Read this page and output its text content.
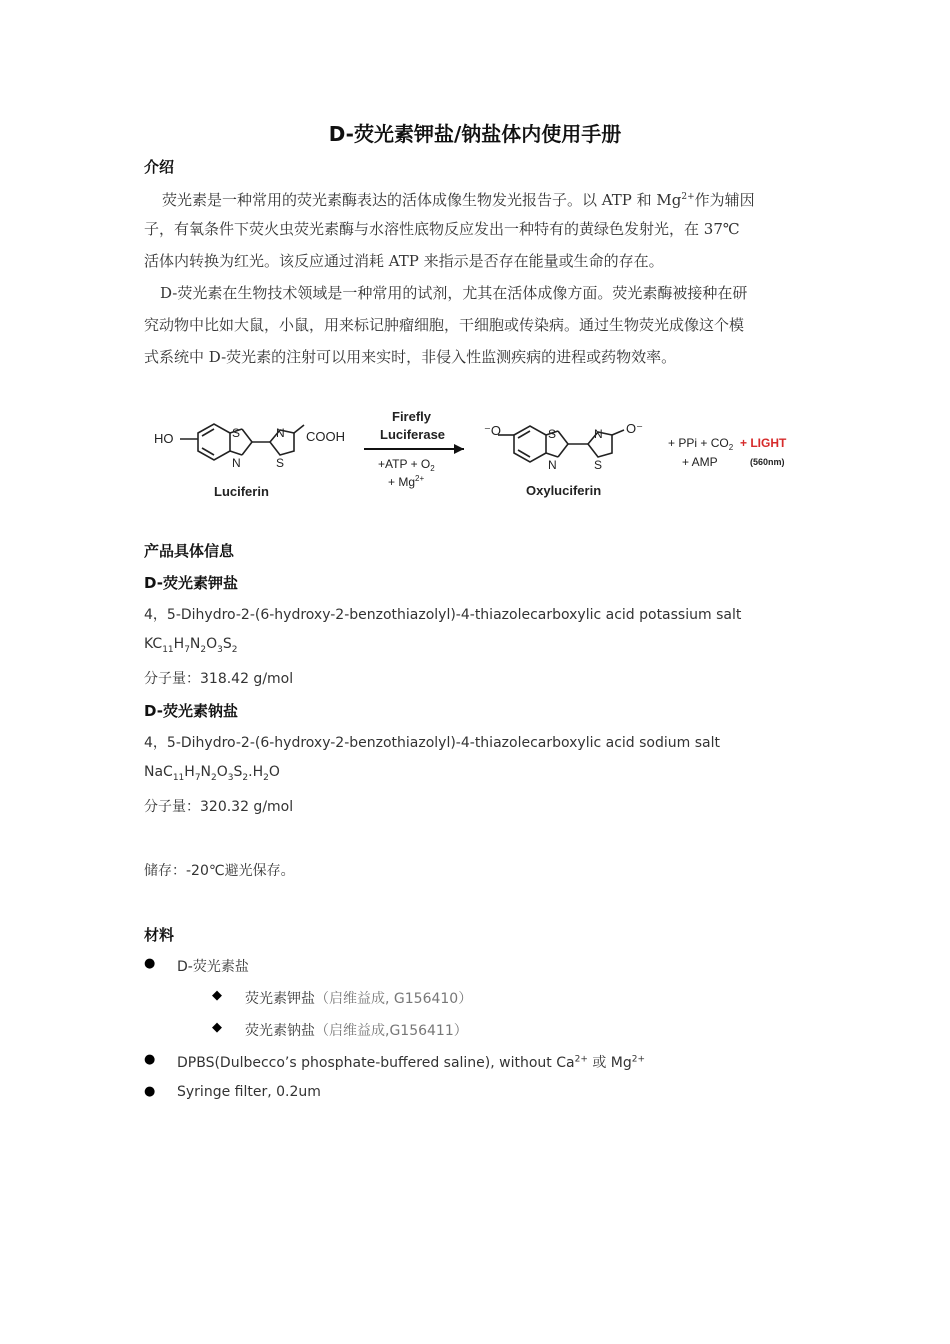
D-荧光素钾盐/钠盐体内使用手册
介绍
荧光素是一种常用的荧光素酶表达的活体成像生物发光报告子。以 ATP 和 $Mg^{2+}$作为辅因
子，有氧条件下荧火虫荧光素酶与水溶性底物反应发出一种特有的黄绿色发射光，在 37℃
活体内转换为红光。该反应通过消耗 ATP 来指示是否存在能量或生命的存在。
D-荧光素在生物技术领域是一种常用的试剂，尤其在活体成像方面。荧光素酶被接种在研
究动物中比如大鼠，小鼠，用来标记肿瘤细胞，干细胞或传染病。通过生物荧光成像这个模
式系统中 D-荧光素的注射可以用来实时，非侵入性监测疾病的进程或药物效率。
HO	S
N
N
S
COOH
Luciferin
Firefly
Luciferase
$+ATP + O_2$
+ $Mg^{2+}$
⁻O	S
N
N
S
O⁻
Oxyluciferin
+ PPi + $CO_2$ + LIGHT
+ AMP	(560nm)
产品具体信息
D-荧光素钾盐
4，5-Dihydro-2-(6-hydroxy-2-benzothiazolyl)-4-thiazolecarboxylic acid potassium salt
$KC_{11}H_7N_2O_3S_2$
分子量：318.42 g/mol
D-荧光素钠盐
4，5-Dihydro-2-(6-hydroxy-2-benzothiazolyl)-4-thiazolecarboxylic acid sodium salt
$NaC_{11}H_7N_2O_3S_2.H_2O$
分子量：320.32 g/mol
储存：-20℃避光保存。
材料
● D-荧光素盐
◆ 荧光素钾盐（启维益成, G156410）
◆ 荧光素钠盐（启维益成,G156411）
● DPBS(Dulbecco’s phosphate-buffered saline), without $Ca^{2+}$ 或 $Mg^{2+}$
● Syringe filter, 0.2um
